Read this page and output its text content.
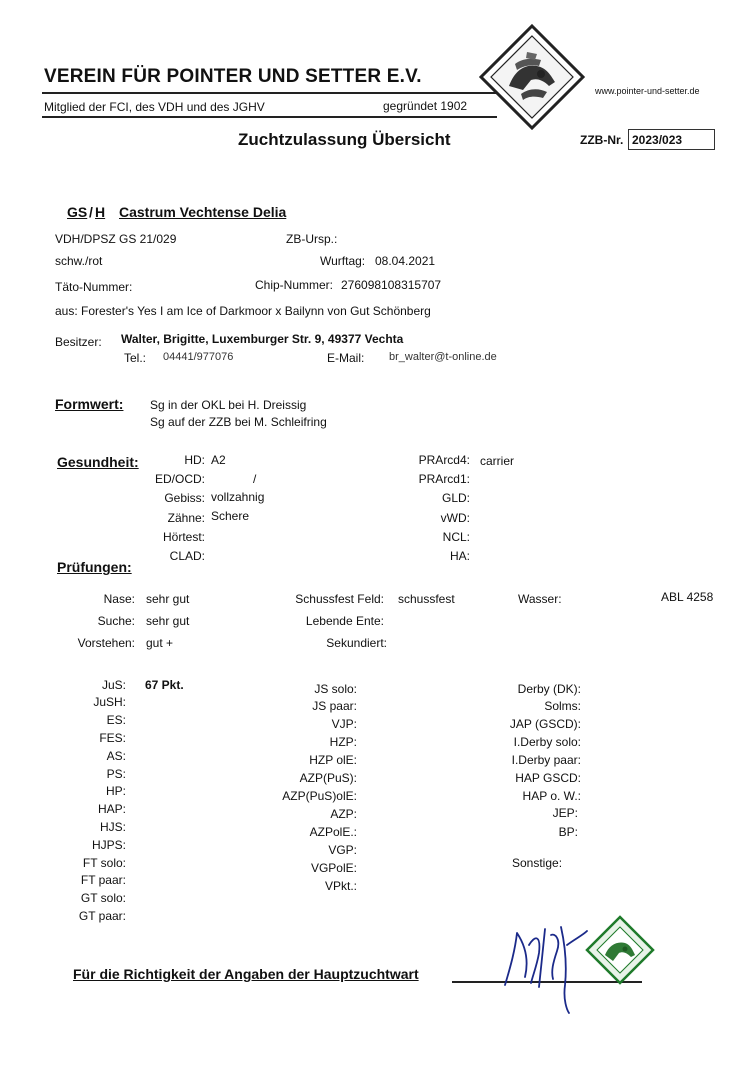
VEREIN FÜR POINTER UND SETTER E.V.
Mitglied der FCI, des VDH und des JGHV	gegründet 1902
www.pointer-und-setter.de
Zuchtzulassung Übersicht	ZZB-Nr. 2023/023
GS / H Castrum Vechtense Delia
VDH/DPSZ GS 21/029	ZB-Ursp.:
schw./rot	Wurftag: 08.04.2021
Täto-Nummer:	Chip-Nummer: 276098108315707
aus: Forester's Yes I am Ice of Darkmoor x Bailynn von Gut Schönberg
Besitzer: Walter, Brigitte, Luxemburger Str. 9, 49377 Vechta
Tel.: 04441/977076	E-Mail: br_walter@t-online.de
Formwert: Sg in der OKL bei H. Dreissig
Sg auf der ZZB bei M. Schleifring
Gesundheit:	HD: A2
ED/OCD:	/
Gebiss: vollzahnig
Zähne: Schere
Hörtest:
CLAD:
PRArcd4: carrier
PRArcd1:
GLD:
vWD:
NCL:
HA:
Prüfungen:
Nase: sehr gut
Suche: sehr gut
Vorstehen: gut +
Schussfest Feld: schussfest
Lebende Ente:
Sekundiert:
Wasser:	ABL 4258
JuS: 67 Pkt.
JuSH:
ES:
FES:
AS:
PS:
HP:
HAP:
HJS:
HJPS:
FT solo:
FT paar:
GT solo:
GT paar:
JS solo:
JS paar:
VJP:
HZP:
HZP olE:
AZP(PuS):
AZP(PuS)olE:
AZP:
AZPolE.:
VGP:
VGPolE:
VPkt.:
Derby (DK):
Solms:
JAP (GSCD):
I.Derby solo:
I.Derby paar:
HAP GSCD:
HAP o. W.:
JEP:
BP:
Sonstige:
Für die Richtigkeit der Angaben der Hauptzuchtwart
